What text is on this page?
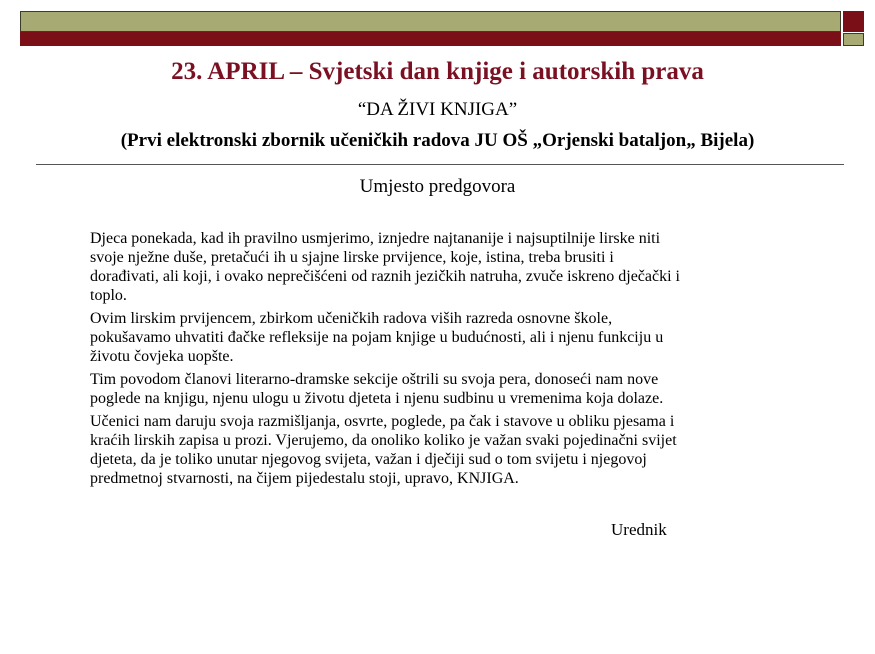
23. APRIL – Svjetski dan knjige i autorskih prava
“DA ŽIVI KNJIGA”
(Prvi elektronski zbornik učeničkih radova JU OŠ „Orjenski bataljon„ Bijela)
Umjesto predgovora

Djeca ponekada, kad ih pravilno usmjerimo, iznjedre najtananije i najsuptilnije lirske niti
svoje nježne duše, pretačući ih u sjajne lirske prvijence, koje, istina, treba brusiti i
dorađivati, ali koji, i ovako neprečišćeni od raznih jezičkih natruha, zvuče iskreno dječački i
toplo.

Ovim lirskim prvijencem, zbirkom učeničkih radova viših razreda osnovne škole,
pokušavamo uhvatiti đačke refleksije na pojam knjige u budućnosti, ali i njenu funkciju u
životu čovjeka uopšte.

Tim povodom članovi literarno-dramske sekcije oštrili su svoja pera, donoseći nam nove
poglede na knjigu, njenu ulogu u životu djeteta i njenu sudbinu u vremenima koja dolaze.

Učenici nam daruju svoja razmišljanja, osvrte, poglede, pa čak i stavove u obliku pjesama i
kraćih lirskih zapisa u prozi. Vjerujemo, da onoliko koliko je važan svaki pojedinačni svijet
djeteta, da je toliko unutar njegovog svijeta, važan i dječiji sud o tom svijetu i njegovoj
predmetnoj stvarnosti, na čijem pijedestalu stoji, upravo, KNJIGA.

Urednik
